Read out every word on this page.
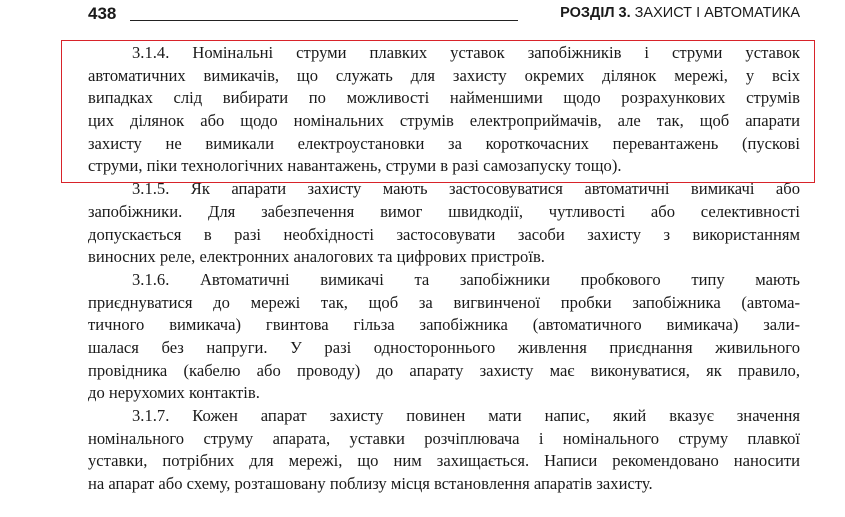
438	РОЗДІЛ 3. ЗАХИСТ І АВТОМАТИКА

3.1.4. Номінальні струми плавких уставок запобіжників і струми уставок
автоматичних вимикачів, що служать для захисту окремих ділянок мережі, у всіх
випадках слід вибирати по можливості найменшими щодо розрахункових струмів
цих ділянок або щодо номінальних струмів електроприймачів, але так, щоб апарати
захисту не вимикали електроустановки за короткочасних перевантажень (пускові
струми, піки технологічних навантажень, струми в разі самозапуску тощо).

3.1.5. Як апарати захисту мають застосовуватися автоматичні вимикачі або
запобіжники. Для забезпечення вимог швидкодії, чутливості або селективності
допускається в разі необхідності застосовувати засоби захисту з використанням
виносних реле, електронних аналогових та цифрових пристроїв.

3.1.6. Автоматичні вимикачі та запобіжники пробкового типу мають
приєднуватися до мережі так, щоб за вигвинченої пробки запобіжника (автома-
тичного вимикача) гвинтова гільза запобіжника (автоматичного вимикача) зали-
шалася без напруги. У разі одностороннього живлення приєднання живильного
провідника (кабелю або проводу) до апарату захисту має виконуватися, як правило,
до нерухомих контактів.

3.1.7. Кожен апарат захисту повинен мати напис, який вказує значення
номінального струму апарата, уставки розчіплювача і номінального струму плавкої
уставки, потрібних для мережі, що ним захищається. Написи рекомендовано наносити
на апарат або схему, розташовану поблизу місця встановлення апаратів захисту.
